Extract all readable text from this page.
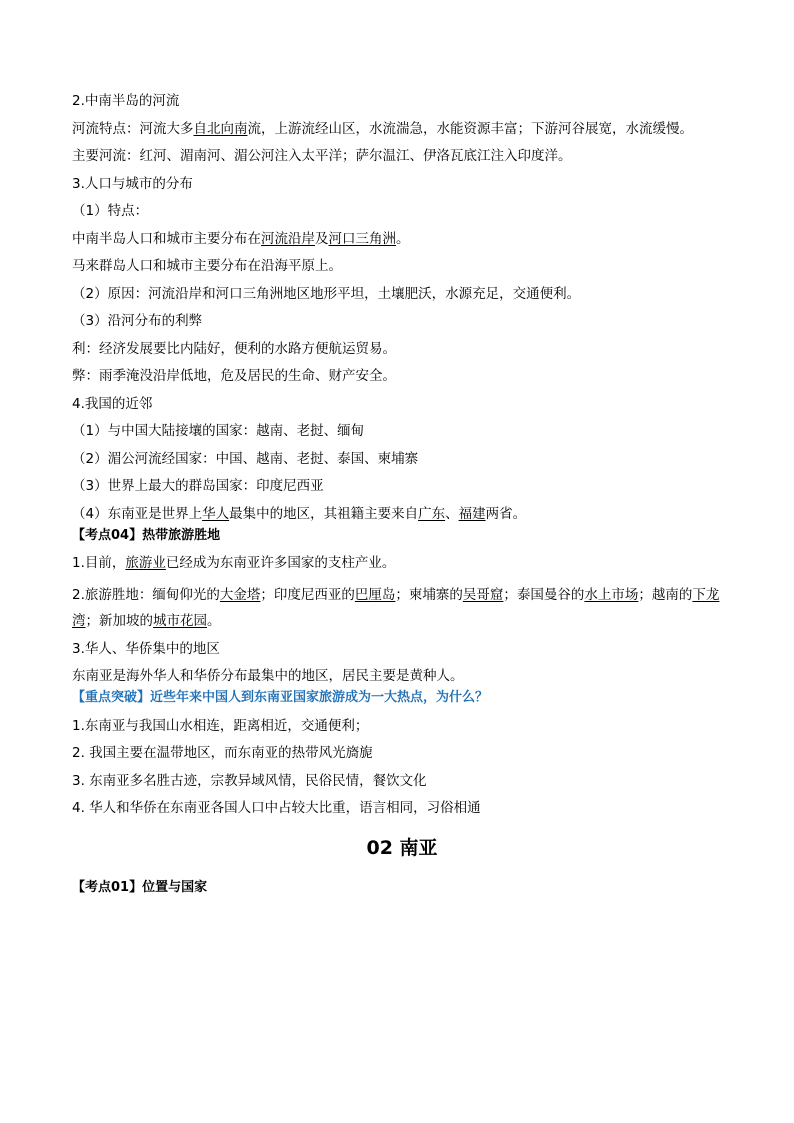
2.中南半岛的河流
河流特点：河流大多自北向南流，上游流经山区，水流湍急，水能资源丰富；下游河谷展宽，水流缓慢。
主要河流：红河、湄南河、湄公河注入太平洋；萨尔温江、伊洛瓦底江注入印度洋。
3.人口与城市的分布
（1）特点：
中南半岛人口和城市主要分布在河流沿岸及河口三角洲。
马来群岛人口和城市主要分布在沿海平原上。
（2）原因：河流沿岸和河口三角洲地区地形平坦，土壤肥沃，水源充足，交通便利。
（3）沿河分布的利弊
利：经济发展要比内陆好，便利的水路方便航运贸易。
弊：雨季淹没沿岸低地，危及居民的生命、财产安全。
4.我国的近邻
（1）与中国大陆接壤的国家：越南、老挝、缅甸
（2）湄公河流经国家：中国、越南、老挝、泰国、柬埔寨
（3）世界上最大的群岛国家：印度尼西亚
（4）东南亚是世界上华人最集中的地区，其祖籍主要来自广东、福建两省。
【考点04】热带旅游胜地
1.目前，旅游业已经成为东南亚许多国家的支柱产业。
2.旅游胜地：缅甸仰光的大金塔；印度尼西亚的巴厘岛；柬埔寨的吴哥窟；泰国曼谷的水上市场；越南的下龙湾；新加坡的城市花园。
3.华人、华侨集中的地区
东南亚是海外华人和华侨分布最集中的地区，居民主要是黄种人。
【重点突破】近些年来中国人到东南亚国家旅游成为一大热点，为什么？
1.东南亚与我国山水相连，距离相近，交通便利；
2. 我国主要在温带地区，而东南亚的热带风光旖旎
3. 东南亚多名胜古迹，宗教异域风情，民俗民情，餐饮文化
4. 华人和华侨在东南亚各国人口中占较大比重，语言相同，习俗相通
02 南亚
【考点01】位置与国家
